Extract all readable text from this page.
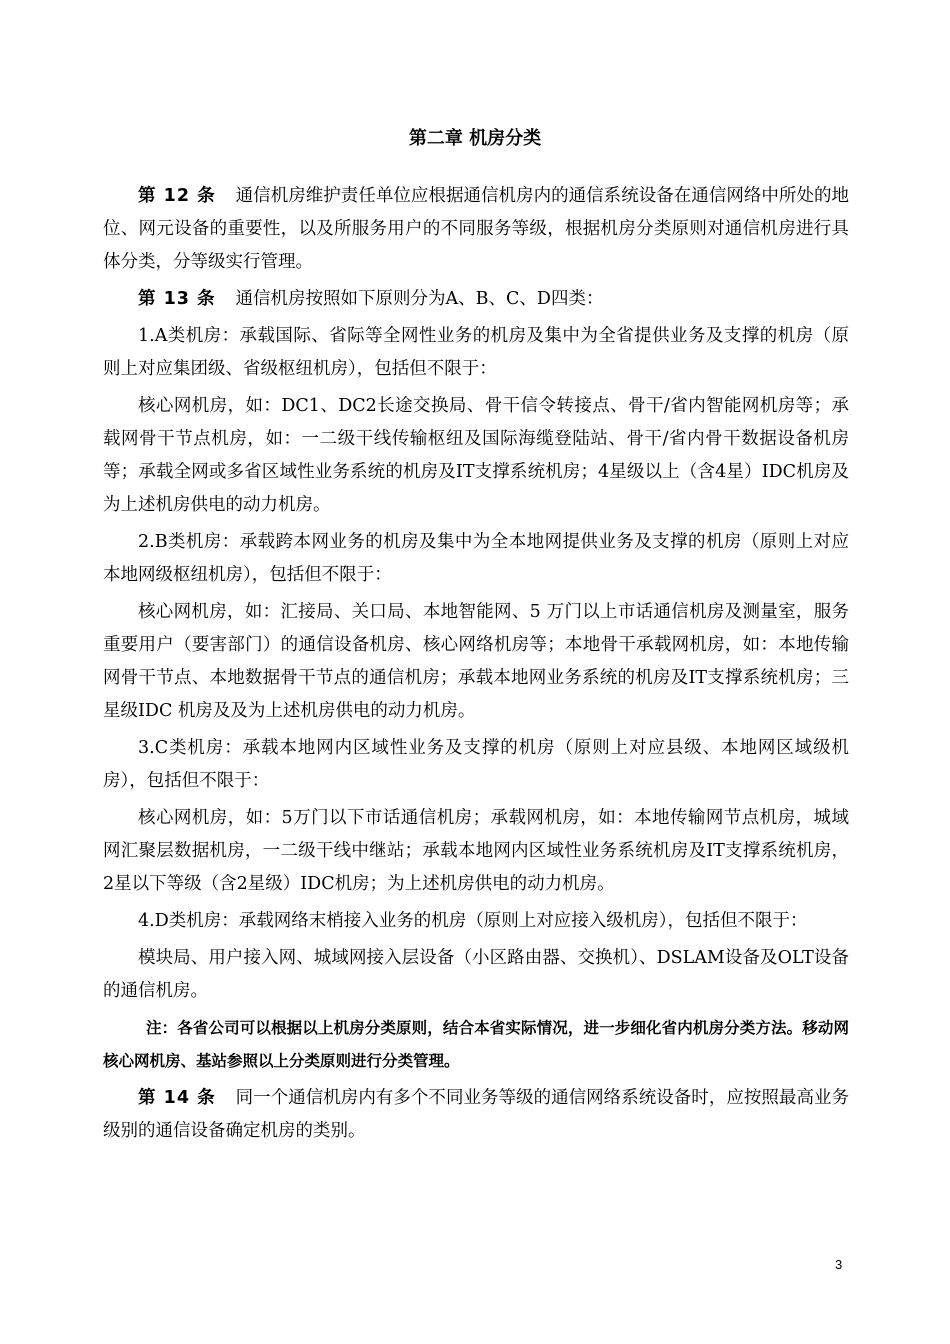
第二章 机房分类

第 12 条 通信机房维护责任单位应根据通信机房内的通信系统设备在通信网络中所处的地位、网元设备的重要性，以及所服务用户的不同服务等级，根据机房分类原则对通信机房进行具体分类，分等级实行管理。

第 13 条 通信机房按照如下原则分为A、B、C、D四类：

1.A类机房：承载国际、省际等全网性业务的机房及集中为全省提供业务及支撑的机房（原则上对应集团级、省级枢纽机房），包括但不限于：

核心网机房，如：DC1、DC2长途交换局、骨干信令转接点、骨干/省内智能网机房等；承载网骨干节点机房，如：一二级干线传输枢纽及国际海缆登陆站、骨干/省内骨干数据设备机房等；承载全网或多省区域性业务系统的机房及IT支撑系统机房；4星级以上（含4星）IDC机房及为上述机房供电的动力机房。

2.B类机房：承载跨本网业务的机房及集中为全本地网提供业务及支撑的机房（原则上对应本地网级枢纽机房），包括但不限于：

核心网机房，如：汇接局、关口局、本地智能网、5 万门以上市话通信机房及测量室，服务重要用户（要害部门）的通信设备机房、核心网络机房等；本地骨干承载网机房，如：本地传输网骨干节点、本地数据骨干节点的通信机房；承载本地网业务系统的机房及IT支撑系统机房；三星级IDC 机房及及为上述机房供电的动力机房。

3.C类机房：承载本地网内区域性业务及支撑的机房（原则上对应县级、本地网区域级机房），包括但不限于：

核心网机房，如：5万门以下市话通信机房；承载网机房，如：本地传输网节点机房，城域网汇聚层数据机房，一二级干线中继站；承载本地网内区域性业务系统机房及IT支撑系统机房，2星以下等级（含2星级）IDC机房；为上述机房供电的动力机房。

4.D类机房：承载网络末梢接入业务的机房（原则上对应接入级机房），包括但不限于：

模块局、用户接入网、城域网接入层设备（小区路由器、交换机）、DSLAM设备及OLT设备的通信机房。

注：各省公司可以根据以上机房分类原则，结合本省实际情况，进一步细化省内机房分类方法。移动网核心网机房、基站参照以上分类原则进行分类管理。

第 14 条 同一个通信机房内有多个不同业务等级的通信网络系统设备时，应按照最高业务级别的通信设备确定机房的类别。

3
